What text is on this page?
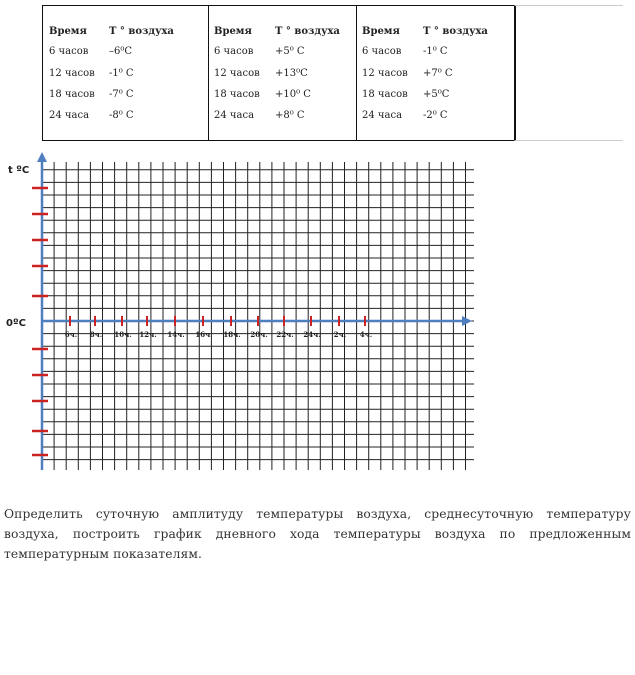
Время T ° воздуха
6 часов –6⁰С
12 часов -1⁰ С
18 часов -7⁰ С
24 часа -8⁰ С
Время T ° воздуха
6 часов +5⁰ С
12 часов +13⁰С
18 часов +10⁰ С
24 часа +8⁰ С
Время T ° воздуха
6 часов -1⁰ С
12 часов +7⁰ С
18 часов +5⁰С
24 часа -2⁰ С
6ч. 8ч. 10ч. 12ч. 14ч. 16ч. 18ч. 20ч. 22ч. 24ч. 2ч. 4ч.
t ºС
0ºС
Определить суточную амплитуду температуры воздуха, среднесуточную температуру воздуха, построить график дневного хода температуры воздуха по предложенным температурным показателям.
